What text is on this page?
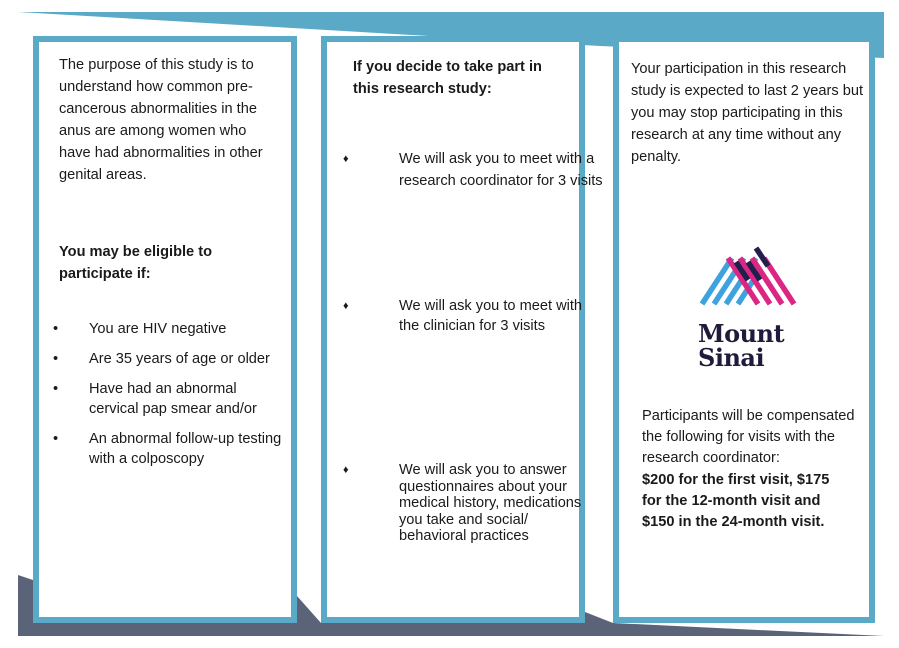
The purpose of this study is to understand how common pre-cancerous abnormalities in the anus are among women who have had abnormalities in other genital areas.

You may be eligible to participate if:

• You are HIV negative
• Are 35 years of age or older
• Have had an abnormal cervical pap smear and/or
• An abnormal follow-up testing with a colposcopy

If you decide to take part in this research study:

♦	We will ask you to meet with a research coordinator for 3 visits
♦	We will ask you to meet with the clinician for 3 visits
♦	We will ask you to answer questionnaires about your medical history, medications you take and social/ behavioral practices

Your participation in this research study is expected to last 2 years but you may stop participating in this research at any time without any penalty.

Mount
Sinai

Participants will be compensated the following for visits with the research coordinator:

$200 for the first visit, $175 for the 12-month visit and $150 in the 24-month visit.
